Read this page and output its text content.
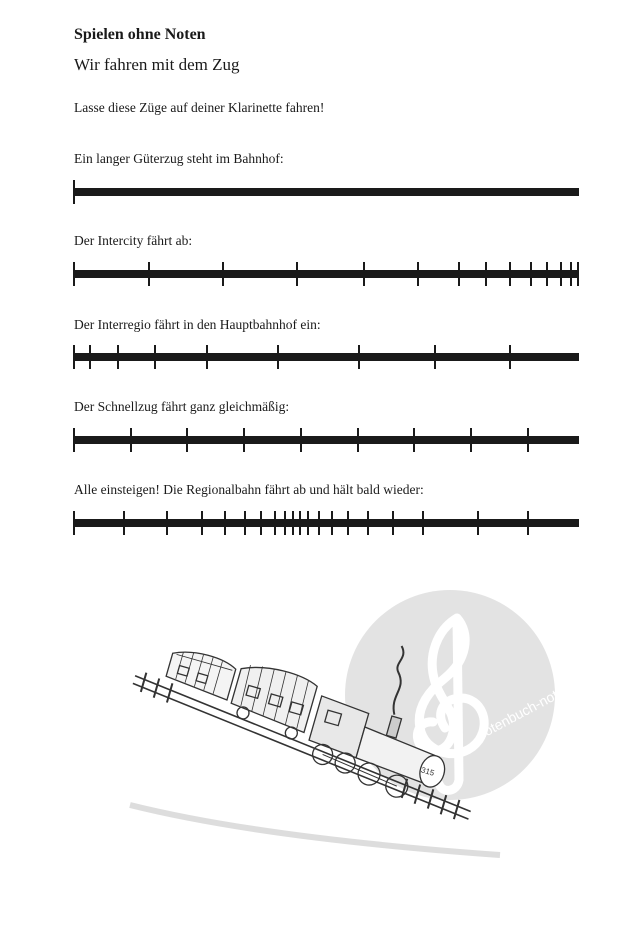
Spielen ohne Noten
Wir fahren mit dem Zug
Lasse diese Züge auf deiner Klarinette fahren!
Ein langer Güterzug steht im Bahnhof:
Der Intercity fährt ab:
Der Interregio fährt in den Hauptbahnhof ein:
Der Schnellzug fährt ganz gleichmäßig:
Alle einsteigen! Die Regionalbahn fährt ab und hält bald wieder:
notenbuch-noten.de
315
